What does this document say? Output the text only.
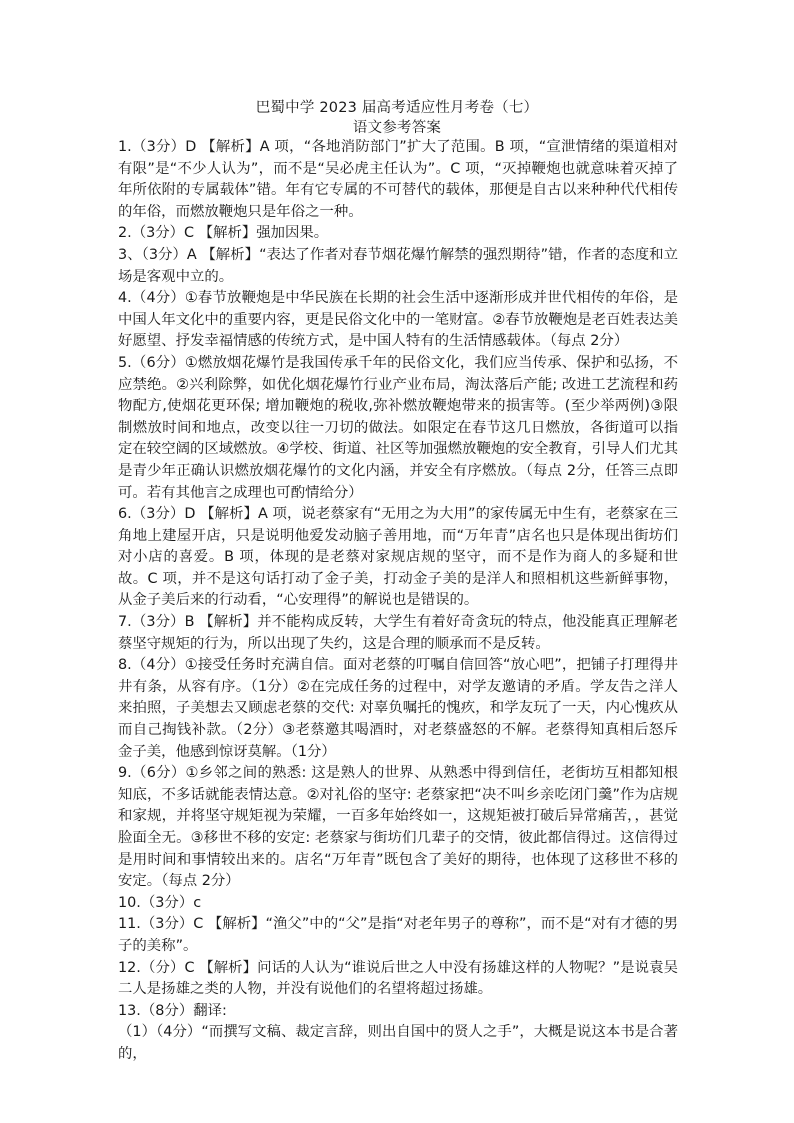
巴蜀中学 2023 届高考适应性月考卷（七）
语文参考答案

1.（3分）D 【解析】A 项，“各地消防部门”扩大了范围。B 项，“宣泄情绪的渠道相对有限”是“不少人认为”，而不是“吴必虎主任认为”。C 项，“灭掉鞭炮也就意味着灭掉了年所依附的专属载体”错。年有它专属的不可替代的载体，那便是自古以来种种代代相传的年俗，而燃放鞭炮只是年俗之一种。

2.（3分）C 【解析】强加因果。

3、（3分）A 【解析】“表达了作者对春节烟花爆竹解禁的强烈期待”错，作者的态度和立场是客观中立的。

4.（4分）①春节放鞭炮是中华民族在长期的社会生活中逐渐形成并世代相传的年俗，是中国人年文化中的重要内容，更是民俗文化中的一笔财富。②春节放鞭炮是老百姓表达美好愿望、抒发幸福情感的传统方式，是中国人特有的生活情感载体。（每点 2分）

5.（6分）①燃放烟花爆竹是我国传承千年的民俗文化，我们应当传承、保护和弘扬，不应禁绝。②兴利除弊，如优化烟花爆竹行业产业布局，淘汰落后产能; 改进工艺流程和药物配方,使烟花更环保; 增加鞭炮的税收,弥补燃放鞭炮带来的损害等。(至少举两例)③限制燃放时间和地点，改变以往一刀切的做法。如限定在春节这几日燃放，各街道可以指定在较空阔的区域燃放。④学校、街道、社区等加强燃放鞭炮的安全教育，引导人们尤其是青少年正确认识燃放烟花爆竹的文化内涵，并安全有序燃放。（每点 2分，任答三点即可。若有其他言之成理也可酌情给分）

6.（3分）D 【解析】A 项，说老蔡家有“无用之为大用”的家传属无中生有，老蔡家在三角地上建屋开店，只是说明他爱发动脑子善用地，而“万年青”店名也只是体现出街坊们对小店的喜爱。B 项，体现的是老蔡对家规店规的坚守，而不是作为商人的多疑和世故。C 项，并不是这句话打动了金子美，打动金子美的是洋人和照相机这些新鲜事物，从金子美后来的行动看，“心安理得”的解说也是错误的。

7.（3分）B 【解析】并不能构成反转，大学生有着好奇贪玩的特点，他没能真正理解老蔡坚守规矩的行为，所以出现了失约，这是合理的顺承而不是反转。

8.（4分）①接受任务时充满自信。面对老蔡的叮嘱自信回答“放心吧”，把铺子打理得井井有条，从容有序。（1分）②在完成任务的过程中，对学友邀请的矛盾。学友告之洋人来拍照，子美想去又顾虑老蔡的交代: 对辜负嘱托的愧疚，和学友玩了一天，内心愧疚从而自己掏钱补款。（2分）③老蔡邀其喝酒时，对老蔡盛怒的不解。老蔡得知真相后怒斥金子美，他感到惊讶莫解。（1分）

9.（6分）①乡邻之间的熟悉: 这是熟人的世界、从熟悉中得到信任，老街坊互相都知根知底，不多话就能表情达意。②对礼俗的坚守: 老蔡家把“决不叫乡亲吃闭门羹”作为店规和家规，并将坚守规矩视为荣耀，一百多年始终如一，这规矩被打破后异常痛苦，，甚觉脸面全无。③移世不移的安定: 老蔡家与街坊们几辈子的交情，彼此都信得过。这信得过是用时间和事情较出来的。店名“万年青”既包含了美好的期待，也体现了这移世不移的安定。（每点 2分）

10.（3分）c

11.（3分）C 【解析】“渔父”中的“父”是指“对老年男子的尊称”，而不是“对有才德的男子的美称”。

12.（分）C 【解析】问话的人认为“谁说后世之人中没有扬雄这样的人物呢？”是说袁吴二人是扬雄之类的人物，并没有说他们的名望将超过扬雄。

13.（8分）翻译:

（1）（4分）“而撰写文稿、裁定言辞，则出自国中的贤人之手”，大概是说这本书是合著的，
